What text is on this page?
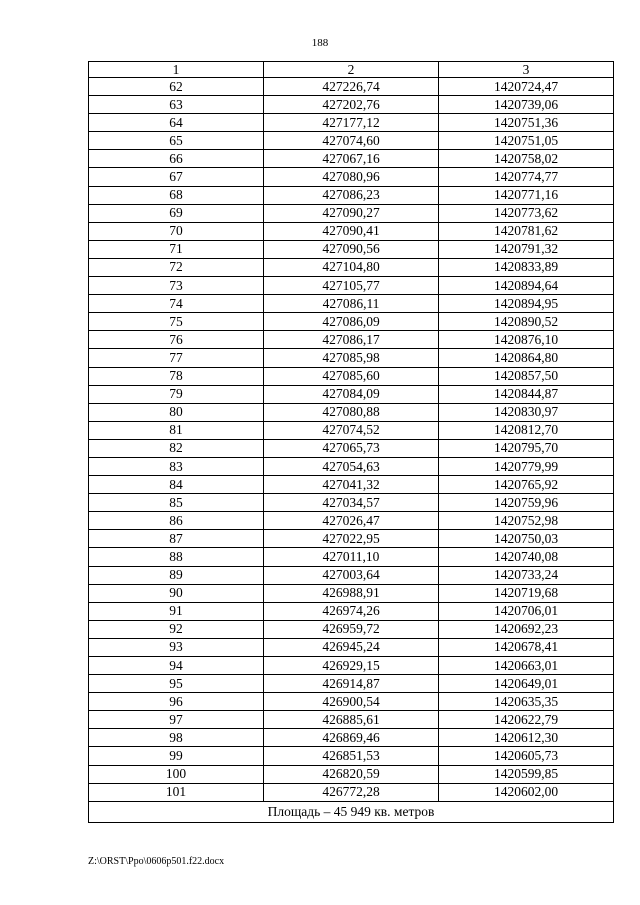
188
1	2	3
62	427226,74	1420724,47
63	427202,76	1420739,06
64	427177,12	1420751,36
65	427074,60	1420751,05
66	427067,16	1420758,02
67	427080,96	1420774,77
68	427086,23	1420771,16
69	427090,27	1420773,62
70	427090,41	1420781,62
71	427090,56	1420791,32
72	427104,80	1420833,89
73	427105,77	1420894,64
74	427086,11	1420894,95
75	427086,09	1420890,52
76	427086,17	1420876,10
77	427085,98	1420864,80
78	427085,60	1420857,50
79	427084,09	1420844,87
80	427080,88	1420830,97
81	427074,52	1420812,70
82	427065,73	1420795,70
83	427054,63	1420779,99
84	427041,32	1420765,92
85	427034,57	1420759,96
86	427026,47	1420752,98
87	427022,95	1420750,03
88	427011,10	1420740,08
89	427003,64	1420733,24
90	426988,91	1420719,68
91	426974,26	1420706,01
92	426959,72	1420692,23
93	426945,24	1420678,41
94	426929,15	1420663,01
95	426914,87	1420649,01
96	426900,54	1420635,35
97	426885,61	1420622,79
98	426869,46	1420612,30
99	426851,53	1420605,73
100	426820,59	1420599,85
101	426772,28	1420602,00
Площадь – 45 949 кв. метров		
Z:\ORST\Ppo\0606p501.f22.docx
